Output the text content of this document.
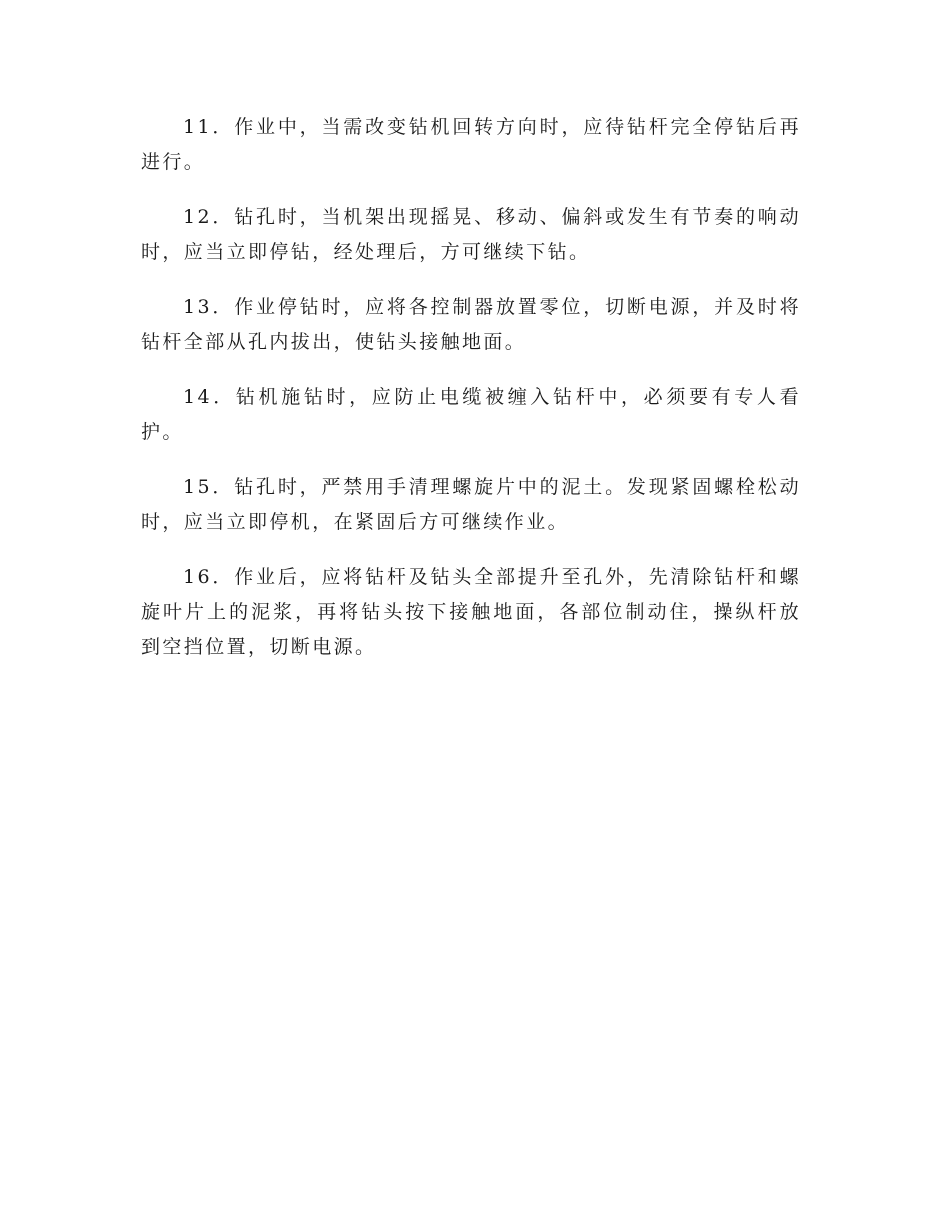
11．作业中，当需改变钻机回转方向时，应待钻杆完全停钻后再进行。

12．钻孔时，当机架出现摇晃、移动、偏斜或发生有节奏的响动时，应当立即停钻，经处理后，方可继续下钻。

13．作业停钻时，应将各控制器放置零位，切断电源，并及时将钻杆全部从孔内拔出，使钻头接触地面。

14．钻机施钻时，应防止电缆被缠入钻杆中，必须要有专人看护。

15．钻孔时，严禁用手清理螺旋片中的泥土。发现紧固螺栓松动时，应当立即停机，在紧固后方可继续作业。

16．作业后，应将钻杆及钻头全部提升至孔外，先清除钻杆和螺旋叶片上的泥浆，再将钻头按下接触地面，各部位制动住，操纵杆放到空挡位置，切断电源。
